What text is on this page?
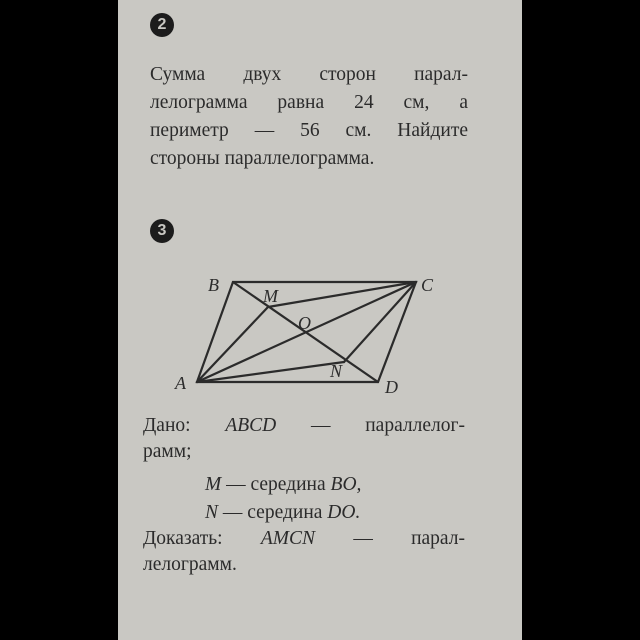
2
Сумма двух сторон парал-
лелограмма равна 24 см, а
периметр — 56 см. Найдите
стороны параллелограмма.
3
A
B	C
D
M
O
N
Дано: ABCD — параллелог-
рамм;
M — середина BO,
N — середина DO.
Доказать: AMCN — парал-
лелограмм.
